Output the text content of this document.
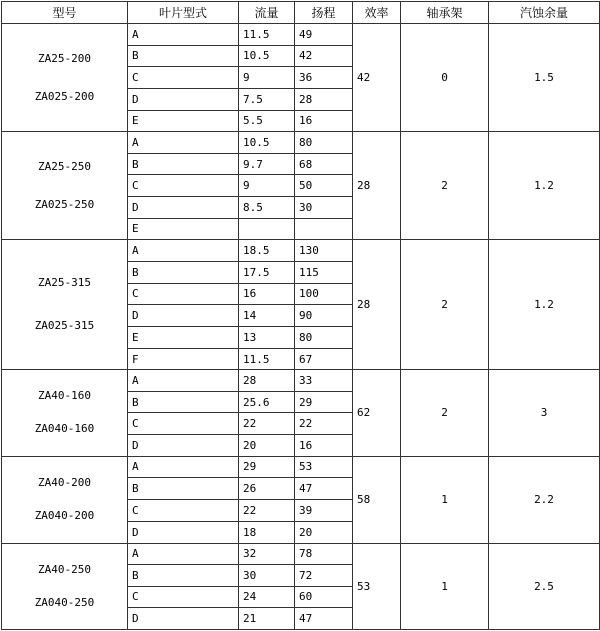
型号	叶片型式	流量	扬程	效率	轴承架	汽蚀余量

ZA25-200
ZA025-200	A	11.5	49	42	0	1.5
	B	10.5	42			
	C	9	36			
	D	7.5	28			
	E	5.5	16			

ZA25-250
ZA025-250	A	10.5	80	28	2	1.2
	B	9.7	68			
	C	9	50			
	D	8.5	30			
	E					

ZA25-315
ZA025-315	A	18.5	130	28	2	1.2
	B	17.5	115			
	C	16	100			
	D	14	90			
	E	13	80			
	F	11.5	67			

ZA40-160
ZA040-160	A	28	33	62	2	3
	B	25.6	29			
	C	22	22			
	D	20	16			

ZA40-200
ZA040-200	A	29	53	58	1	2.2
	B	26	47			
	C	22	39			
	D	18	20			

ZA40-250
ZA040-250	A	32	78	53	1	2.5
	B	30	72			
	C	24	60			
	D	21	47			
